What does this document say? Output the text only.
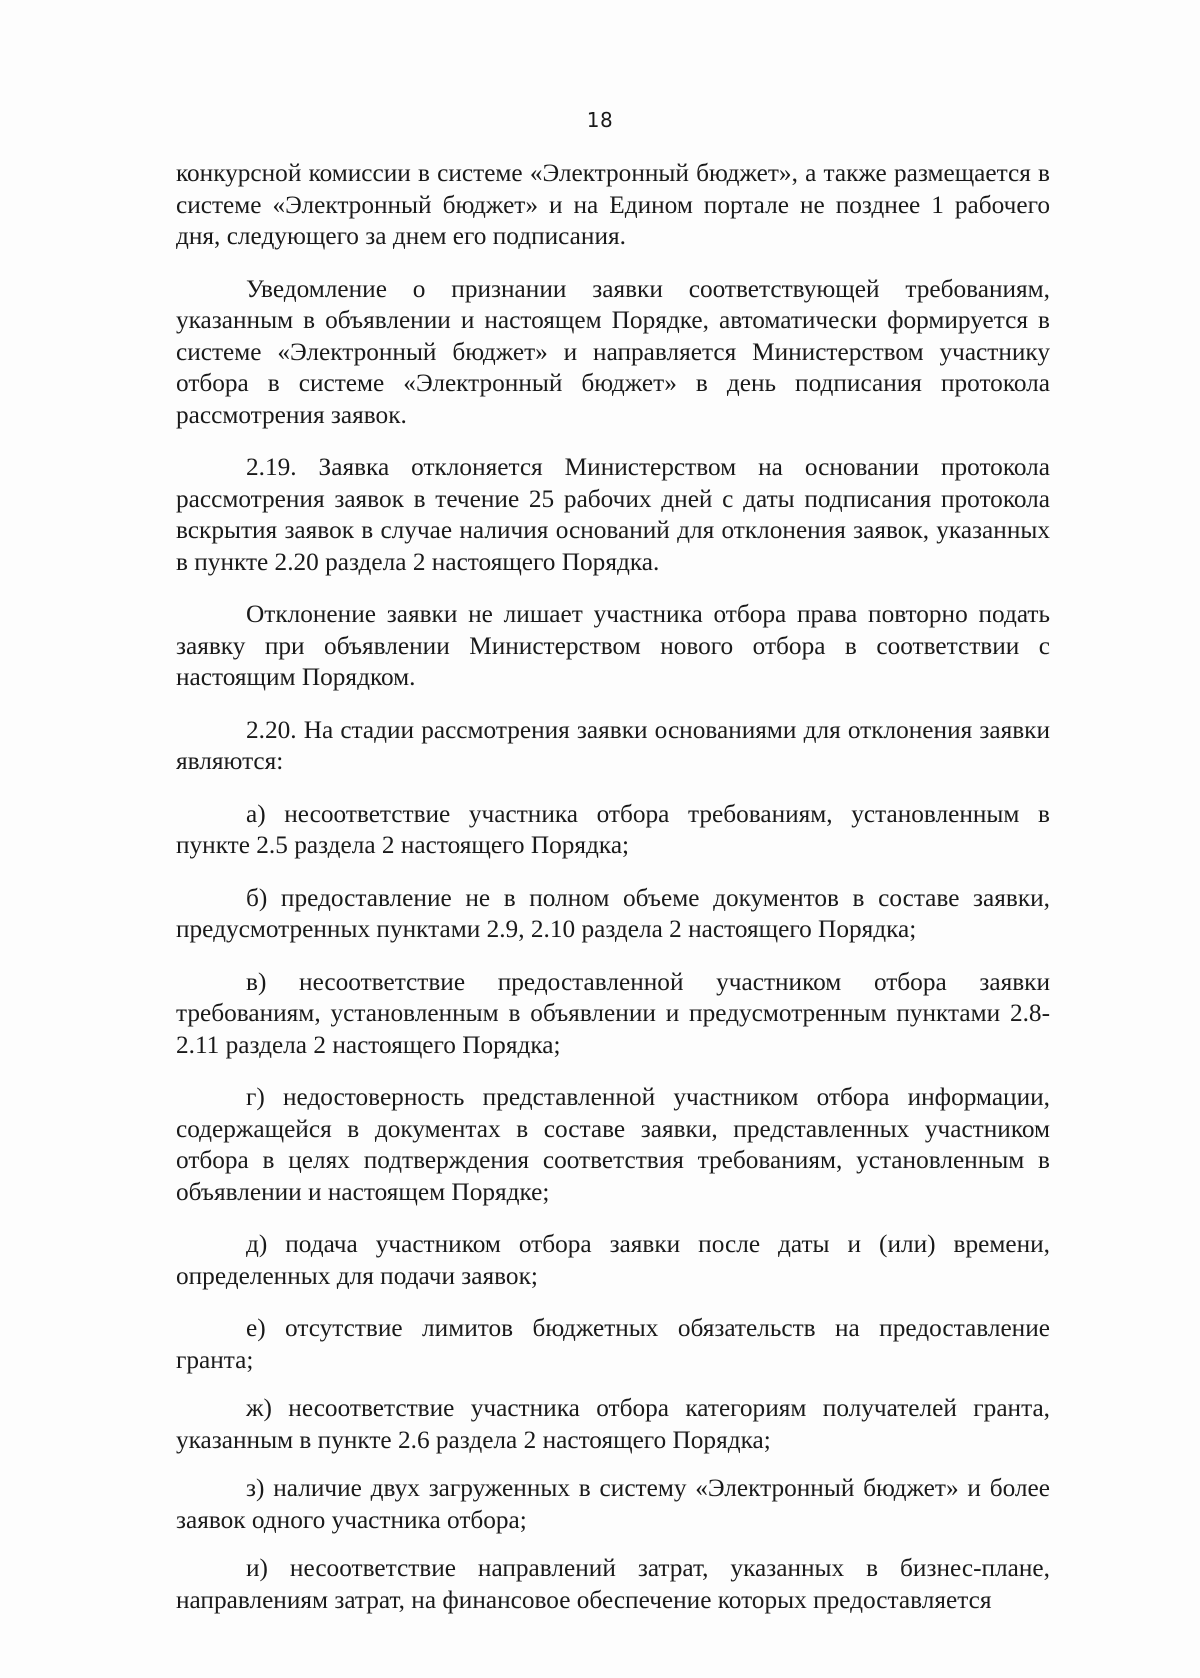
18

конкурсной комиссии в системе «Электронный бюджет», а также размещается в системе «Электронный бюджет» и на Едином портале не позднее 1 рабочего дня, следующего за днем его подписания.

Уведомление о признании заявки соответствующей требованиям, указанным в объявлении и настоящем Порядке, автоматически формируется в системе «Электронный бюджет» и направляется Министерством участнику отбора в системе «Электронный бюджет» в день подписания протокола рассмотрения заявок.

2.19. Заявка отклоняется Министерством на основании протокола рассмотрения заявок в течение 25 рабочих дней с даты подписания протокола вскрытия заявок в случае наличия оснований для отклонения заявок, указанных в пункте 2.20 раздела 2 настоящего Порядка.

Отклонение заявки не лишает участника отбора права повторно подать заявку при объявлении Министерством нового отбора в соответствии с настоящим Порядком.

2.20. На стадии рассмотрения заявки основаниями для отклонения заявки являются:

а) несоответствие участника отбора требованиям, установленным в пункте 2.5 раздела 2 настоящего Порядка;

б) предоставление не в полном объеме документов в составе заявки, предусмотренных пунктами 2.9, 2.10 раздела 2 настоящего Порядка;

в) несоответствие предоставленной участником отбора заявки требованиям, установленным в объявлении и предусмотренным пунктами 2.8-2.11 раздела 2 настоящего Порядка;

г) недостоверность представленной участником отбора информации, содержащейся в документах в составе заявки, представленных участником отбора в целях подтверждения соответствия требованиям, установленным в объявлении и настоящем Порядке;

д) подача участником отбора заявки после даты и (или) времени, определенных для подачи заявок;

е) отсутствие лимитов бюджетных обязательств на предоставление гранта;

ж) несоответствие участника отбора категориям получателей гранта, указанным в пункте 2.6 раздела 2 настоящего Порядка;

з) наличие двух загруженных в систему «Электронный бюджет» и более заявок одного участника отбора;

и) несоответствие направлений затрат, указанных в бизнес-плане, направлениям затрат, на финансовое обеспечение которых предоставляется
